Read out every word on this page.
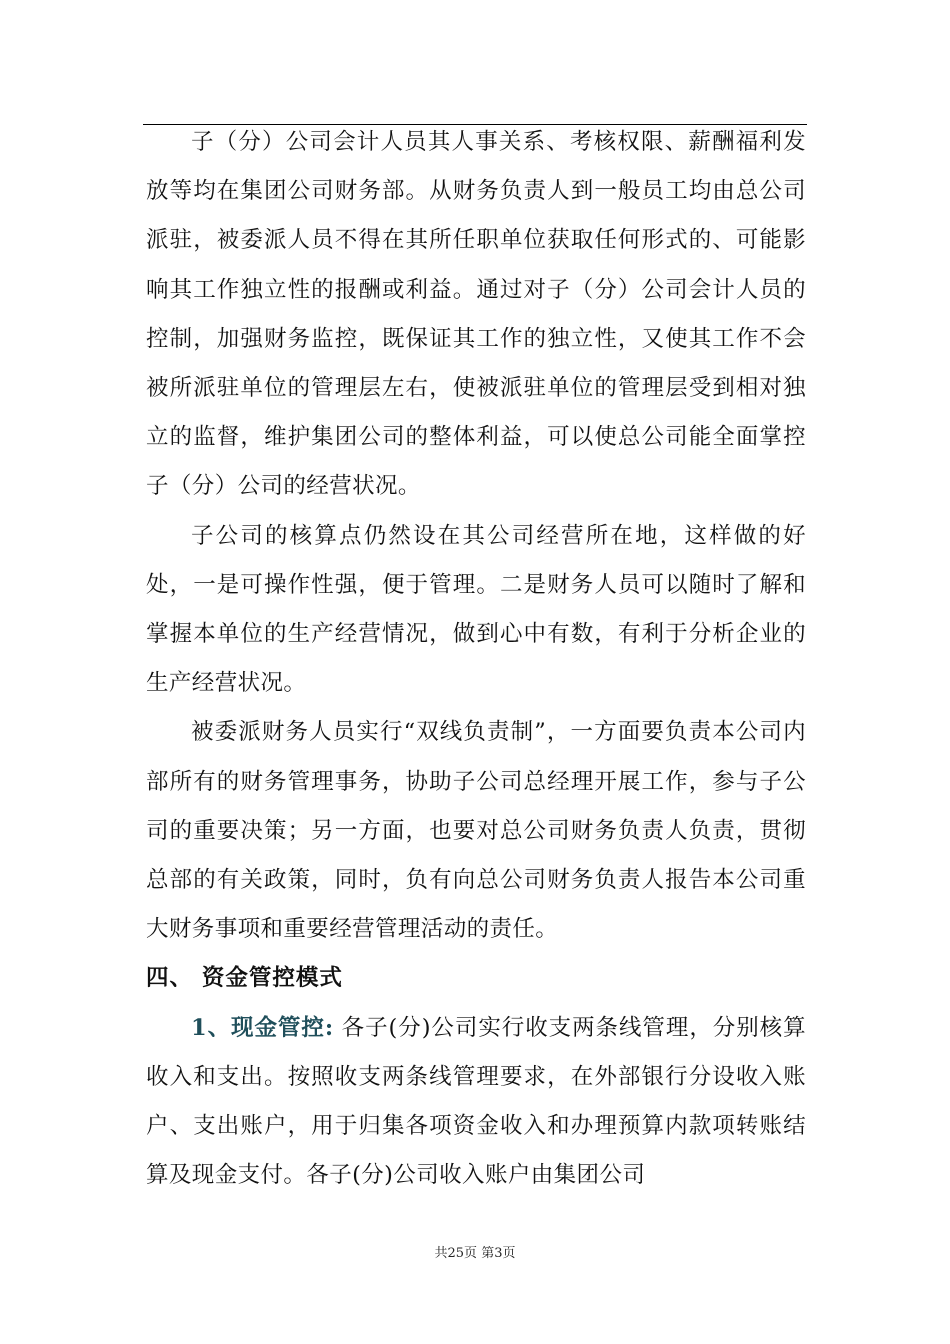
子（分）公司会计人员其人事关系、考核权限、薪酬福利发放等均在集团公司财务部。从财务负责人到一般员工均由总公司派驻，被委派人员不得在其所任职单位获取任何形式的、可能影响其工作独立性的报酬或利益。通过对子（分）公司会计人员的控制，加强财务监控，既保证其工作的独立性，又使其工作不会被所派驻单位的管理层左右，使被派驻单位的管理层受到相对独立的监督，维护集团公司的整体利益，可以使总公司能全面掌控子（分）公司的经营状况。

子公司的核算点仍然设在其公司经营所在地，这样做的好处，一是可操作性强，便于管理。二是财务人员可以随时了解和掌握本单位的生产经营情况，做到心中有数，有利于分析企业的生产经营状况。

被委派财务人员实行“双线负责制”，一方面要负责本公司内部所有的财务管理事务，协助子公司总经理开展工作，参与子公司的重要决策；另一方面，也要对总公司财务负责人负责，贯彻总部的有关政策，同时，负有向总公司财务负责人报告本公司重大财务事项和重要经营管理活动的责任。

四、 资金管控模式

1、现金管控: 各子(分)公司实行收支两条线管理，分别核算收入和支出。按照收支两条线管理要求，在外部银行分设收入账户、支出账户，用于归集各项资金收入和办理预算内款项转账结算及现金支付。各子(分)公司收入账户由集团公司

共25页 第3页
